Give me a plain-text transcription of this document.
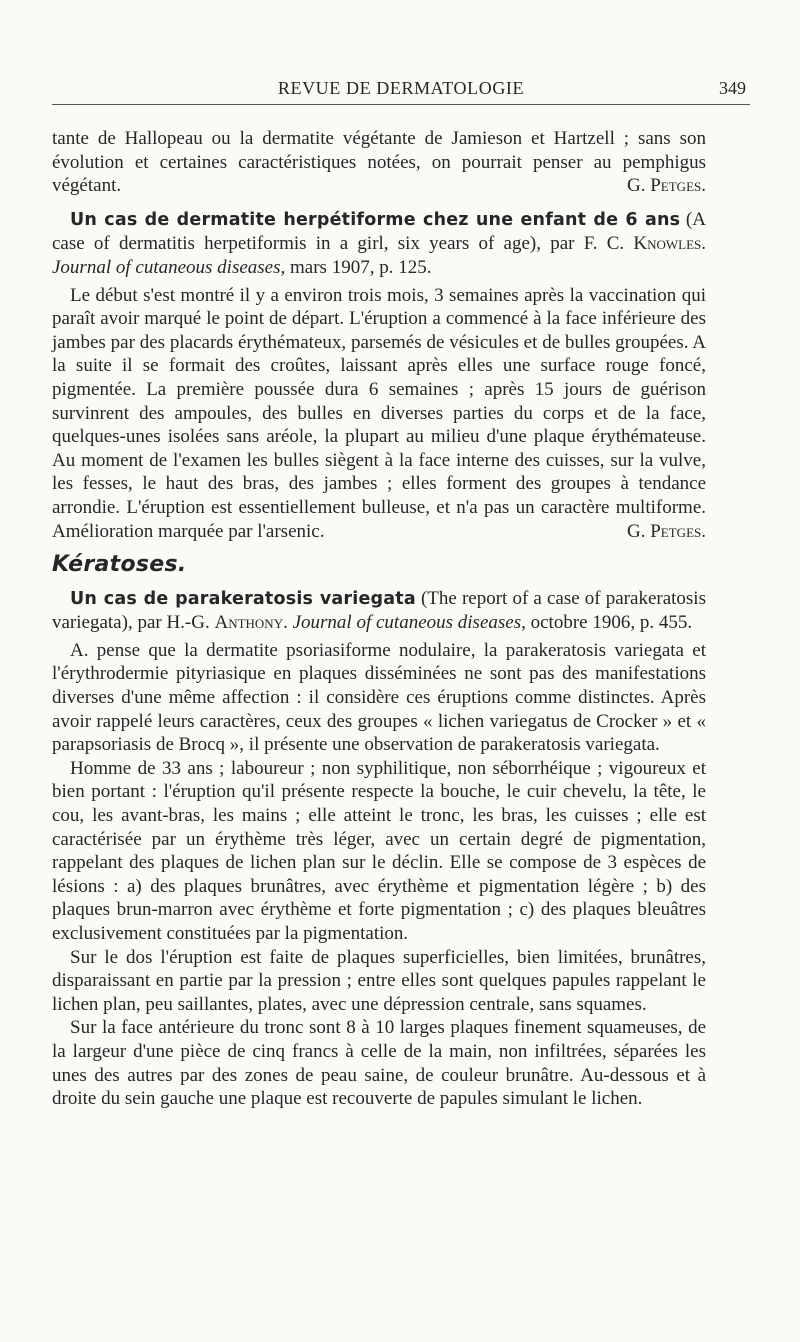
REVUE DE DERMATOLOGIE	349

tante de Hallopeau ou la dermatite végétante de Jamieson et Hartzell ; sans son évolution et certaines caractéristiques notées, on pourrait penser au pemphigus végétant.	G. Petges.

Un cas de dermatite herpétiforme chez une enfant de 6 ans (A case of dermatitis herpetiformis in a girl, six years of age), par F. C. Knowles. Journal of cutaneous diseases, mars 1907, p. 125.

Le début s'est montré il y a environ trois mois, 3 semaines après la vaccination qui paraît avoir marqué le point de départ. L'éruption a commencé à la face inférieure des jambes par des placards érythémateux, parsemés de vésicules et de bulles groupées. A la suite il se formait des croûtes, laissant après elles une surface rouge foncé, pigmentée. La première poussée dura 6 semaines ; après 15 jours de guérison survinrent des ampoules, des bulles en diverses parties du corps et de la face, quelques-unes isolées sans aréole, la plupart au milieu d'une plaque érythémateuse. Au moment de l'examen les bulles siègent à la face interne des cuisses, sur la vulve, les fesses, le haut des bras, des jambes ; elles forment des groupes à tendance arrondie. L'éruption est essentiellement bulleuse, et n'a pas un caractère multiforme. Amélioration marquée par l'arsenic.	G. Petges.

Kératoses.

Un cas de parakeratosis variegata (The report of a case of parakeratosis variegata), par H.-G. Anthony. Journal of cutaneous diseases, octobre 1906, p. 455.

A. pense que la dermatite psoriasiforme nodulaire, la parakeratosis variegata et l'érythrodermie pityriasique en plaques disséminées ne sont pas des manifestations diverses d'une même affection : il considère ces éruptions comme distinctes. Après avoir rappelé leurs caractères, ceux des groupes « lichen variegatus de Crocker » et « parapsoriasis de Brocq », il présente une observation de parakeratosis variegata.

Homme de 33 ans ; laboureur ; non syphilitique, non séborrhéique ; vigoureux et bien portant : l'éruption qu'il présente respecte la bouche, le cuir chevelu, la tête, le cou, les avant-bras, les mains ; elle atteint le tronc, les bras, les cuisses ; elle est caractérisée par un érythème très léger, avec un certain degré de pigmentation, rappelant des plaques de lichen plan sur le déclin. Elle se compose de 3 espèces de lésions : a) des plaques brunâtres, avec érythème et pigmentation légère ; b) des plaques brun-marron avec érythème et forte pigmentation ; c) des plaques bleuâtres exclusivement constituées par la pigmentation.

Sur le dos l'éruption est faite de plaques superficielles, bien limitées, brunâtres, disparaissant en partie par la pression ; entre elles sont quelques papules rappelant le lichen plan, peu saillantes, plates, avec une dépression centrale, sans squames.

Sur la face antérieure du tronc sont 8 à 10 larges plaques finement squameuses, de la largeur d'une pièce de cinq francs à celle de la main, non infiltrées, séparées les unes des autres par des zones de peau saine, de couleur brunâtre. Au-dessous et à droite du sein gauche une plaque est recouverte de papules simulant le lichen.
